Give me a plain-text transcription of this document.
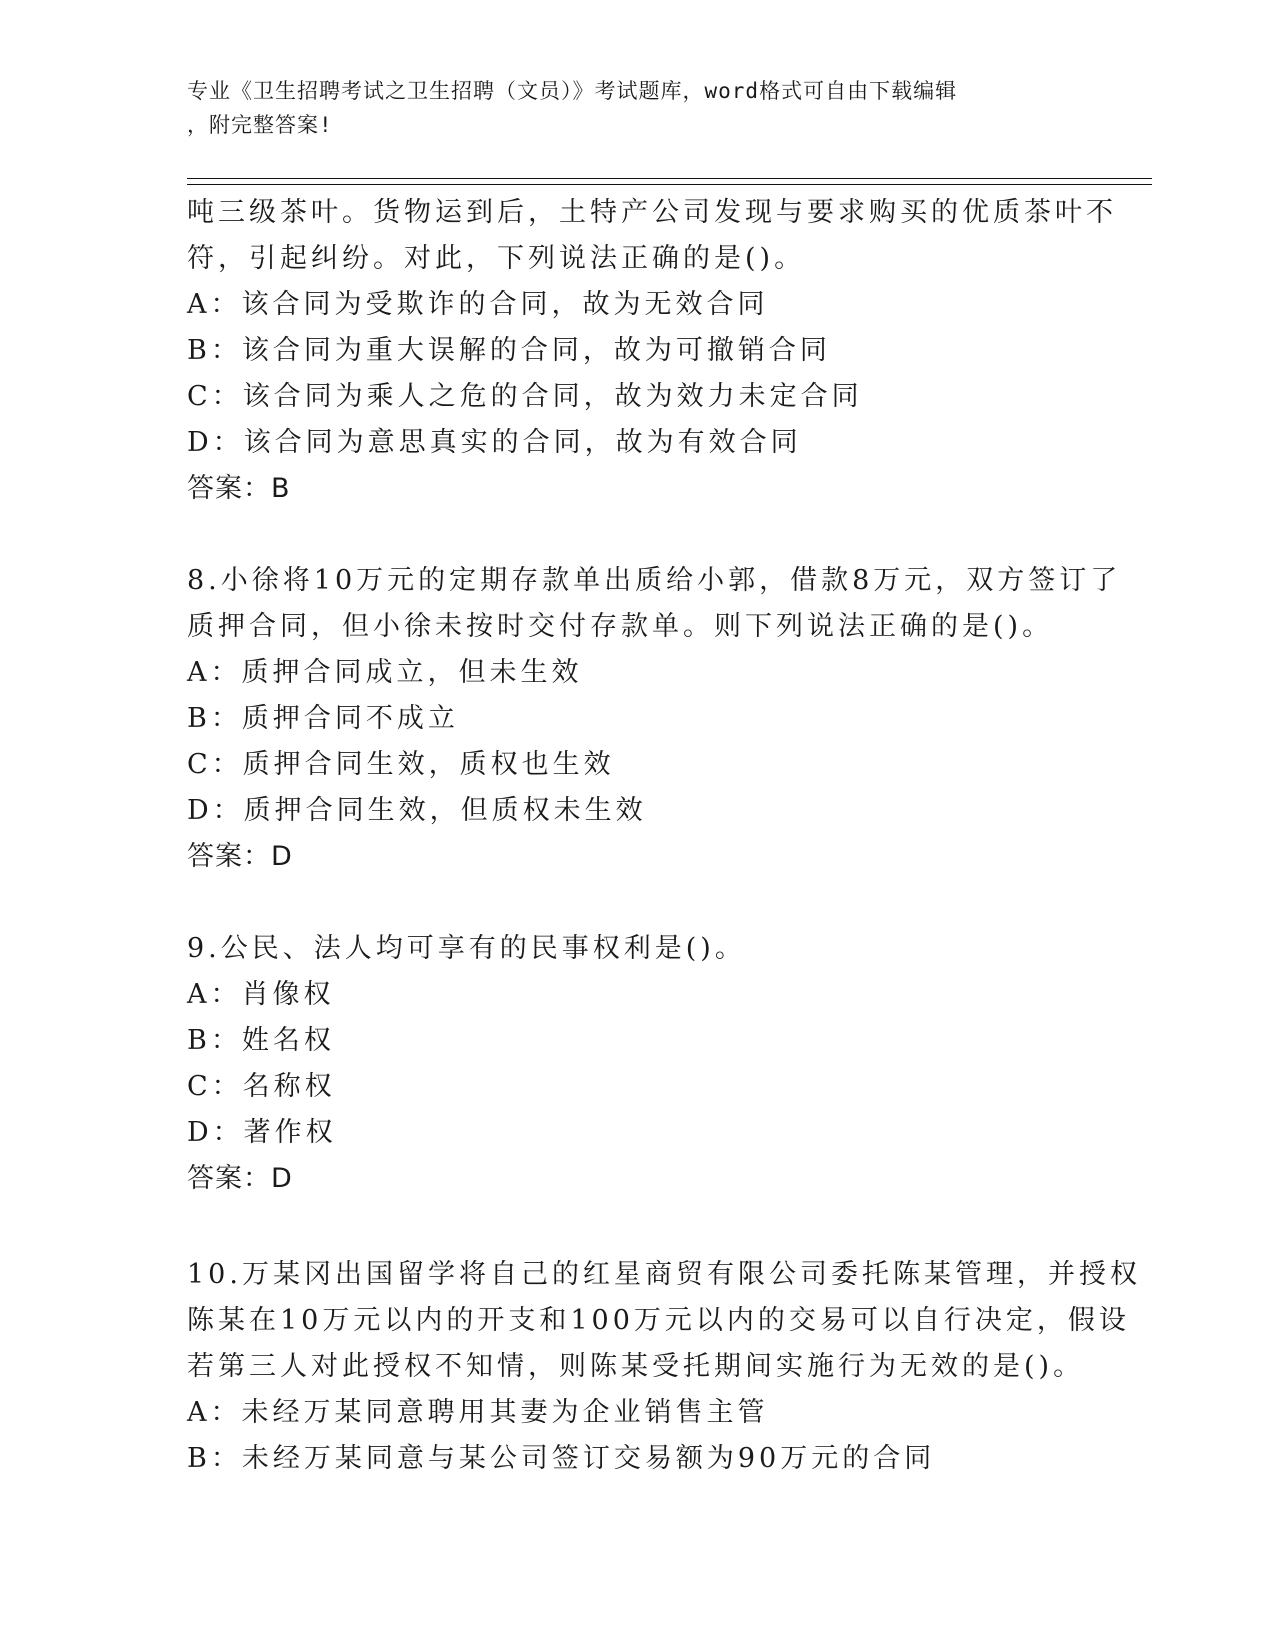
专业《卫生招聘考试之卫生招聘（文员）》考试题库，word格式可自由下载编辑
，附完整答案!
吨三级茶叶。货物运到后，土特产公司发现与要求购买的优质茶叶不
符，引起纠纷。对此，下列说法正确的是()。
A：该合同为受欺诈的合同，故为无效合同
B：该合同为重大误解的合同，故为可撤销合同
C：该合同为乘人之危的合同，故为效力未定合同
D：该合同为意思真实的合同，故为有效合同
答案：B
8.小徐将10万元的定期存款单出质给小郭，借款8万元，双方签订了
质押合同，但小徐未按时交付存款单。则下列说法正确的是()。
A：质押合同成立，但未生效
B：质押合同不成立
C：质押合同生效，质权也生效
D：质押合同生效，但质权未生效
答案：D
9.公民、法人均可享有的民事权利是()。
A：肖像权
B：姓名权
C：名称权
D：著作权
答案：D
10.万某冈出国留学将自己的红星商贸有限公司委托陈某管理，并授权
陈某在10万元以内的开支和100万元以内的交易可以自行决定，假设
若第三人对此授权不知情，则陈某受托期间实施行为无效的是()。
A：未经万某同意聘用其妻为企业销售主管
B：未经万某同意与某公司签订交易额为90万元的合同
